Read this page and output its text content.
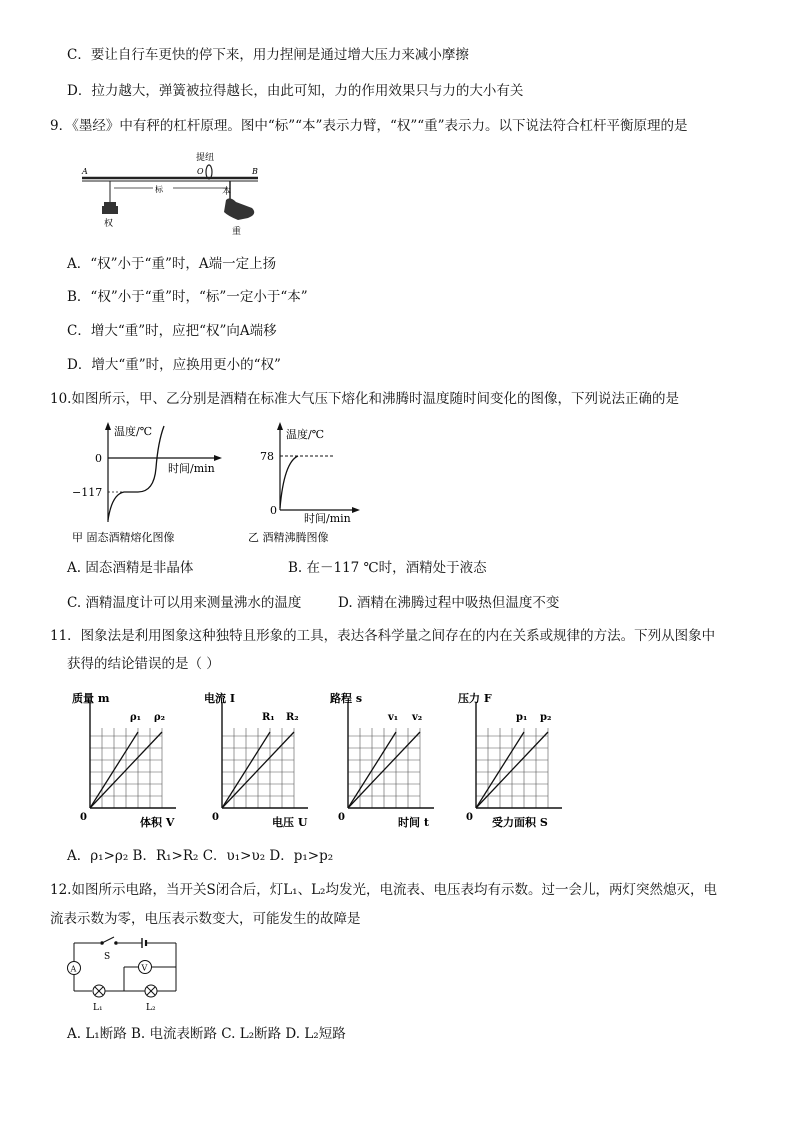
C．要让自行车更快的停下来，用力捏闸是通过增大压力来减小摩擦
D．拉力越大，弹簧被拉得越长，由此可知，力的作用效果只与力的大小有关
9．《墨经》中有秤的杠杆原理。图中“标”“本”表示力臂，“权”“重”表示力。以下说法符合杠杆平衡原理的是
A	B
提纽
O
权
标	本
重
A．“权”小于“重”时，A端一定上扬
B．“权”小于“重”时，“标”一定小于“本”
C．增大“重”时，应把“权”向A端移
D．增大“重”时，应换用更小的“权”
10.如图所示，甲、乙分别是酒精在标准大气压下熔化和沸腾时温度随时间变化的图像，下列说法正确的是
温度/℃
时间/min
0
−117
甲 固态酒精熔化图像
温度/℃
时间/min
78
0
乙 酒精沸腾图像
A. 固态酒精是非晶体	B. 在－117 ℃时，酒精处于液态
C. 酒精温度计可以用来测量沸水的温度	D. 酒精在沸腾过程中吸热但温度不变
11．图象法是利用图象这种独特且形象的工具，表达各科学量之间存在的内在关系或规律的方法。下列从图象中
获得的结论错误的是（ ）
质量 m
0
ρ₁ ρ₂
体积 V
电流 I
0
R₁ R₂
电压 U
路程 s
0
v₁ v₂
时间 t
压力 F
0
p₁ p₂
受力面积 S
A．ρ₁>ρ₂ B．R₁>R₂ C．υ₁>υ₂ D．p₁>p₂
12.如图所示电路，当开关S闭合后，灯L₁、L₂均发光，电流表、电压表均有示数。过一会儿，两灯突然熄灭，电
流表示数为零，电压表示数变大，可能发生的故障是
S
A
L₁	L₂
V
A. L₁断路 B. 电流表断路 C. L₂断路 D. L₂短路
